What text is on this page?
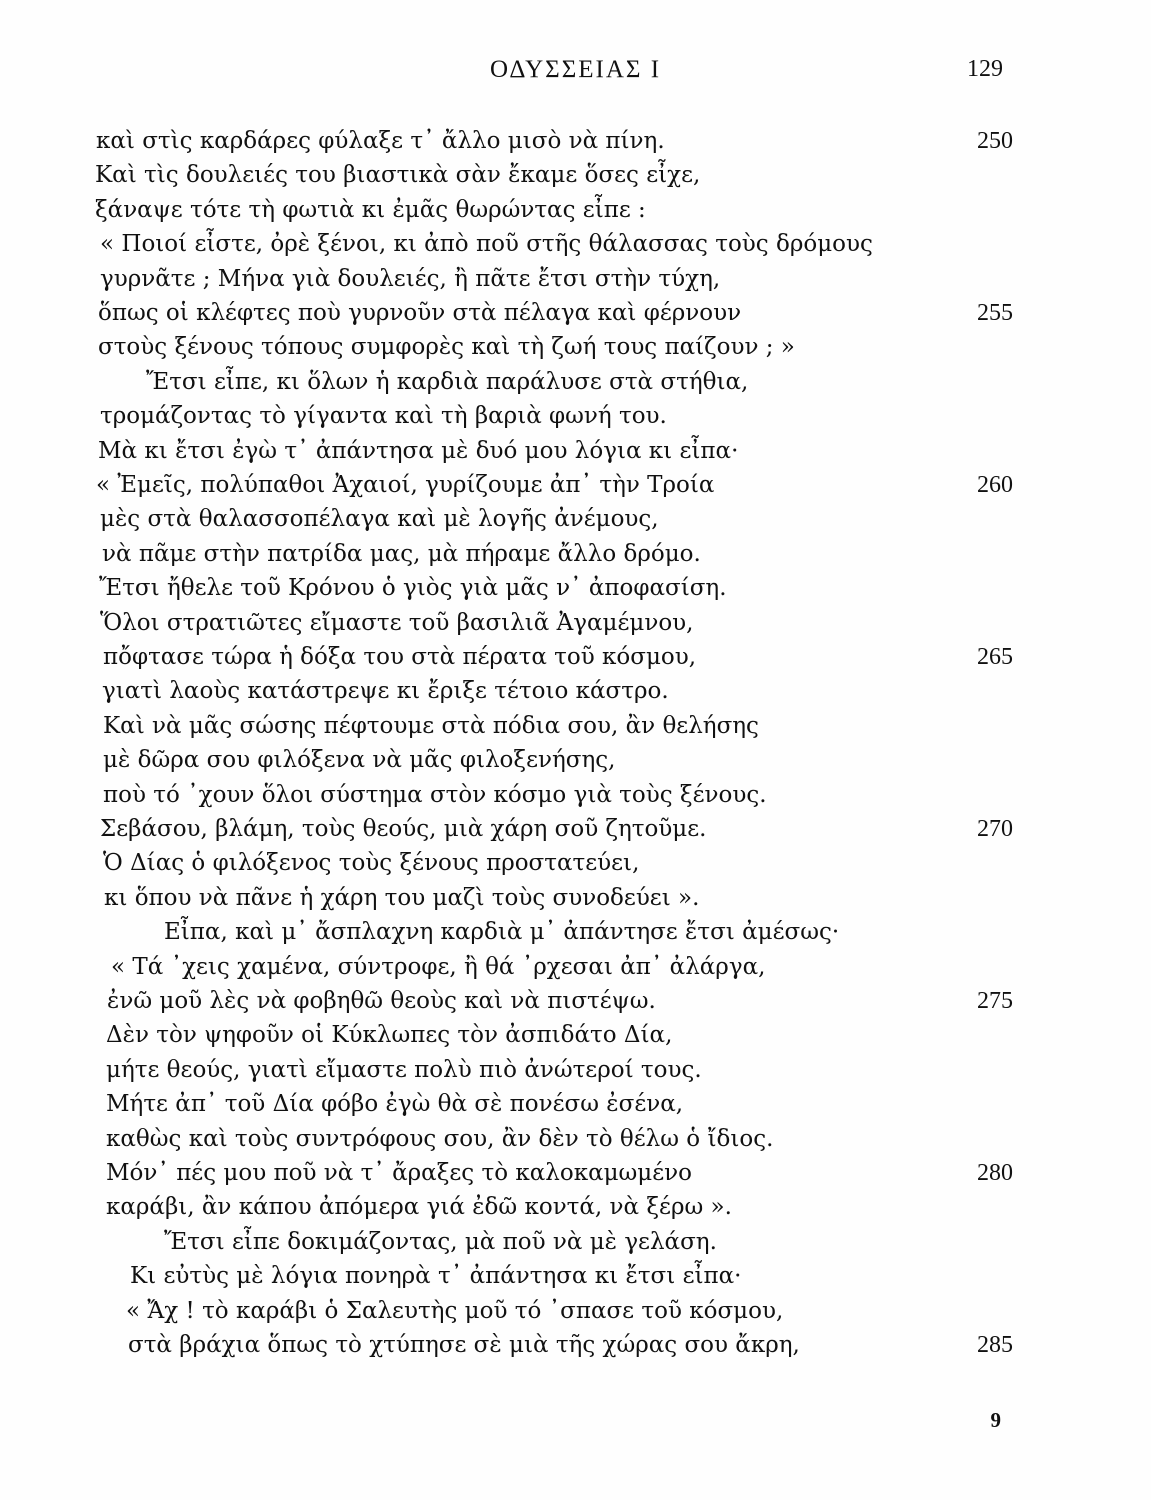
ΟΔΥΣΣΕΙΑΣ Ι	129
καὶ στὶς καρδάρες φύλαξε τ᾽ ἄλλο μισὸ νὰ πίνη.	250
Καὶ τὶς δουλειές του βιαστικὰ σὰν ἔκαμε ὅσες εἶχε,
ξάναψε τότε τὴ φωτιὰ κι ἐμᾶς θωρώντας εἶπε :
« Ποιοί εἶστε, ὀρὲ ξένοι, κι ἀπὸ ποῦ στῆς θάλασσας τοὺς δρόμους
γυρνᾶτε ; Μήνα γιὰ δουλειές, ἢ πᾶτε ἔτσι στὴν τύχη,
ὅπως οἱ κλέφτες ποὺ γυρνοῦν στὰ πέλαγα καὶ φέρνουν	255
στοὺς ξένους τόπους συμφορὲς καὶ τὴ ζωή τους παίζουν ; »
Ἔτσι εἶπε, κι ὅλων ἡ καρδιὰ παράλυσε στὰ στήθια,
τρομάζοντας τὸ γίγαντα καὶ τὴ βαριὰ φωνή του.
Μὰ κι ἔτσι ἐγὼ τ᾽ ἀπάντησα μὲ δυό μου λόγια κι εἶπα·
« Ἐμεῖς, πολύπαθοι Ἀχαιοί, γυρίζουμε ἀπ᾽ τὴν Τροία	260
μὲς στὰ θαλασσοπέλαγα καὶ μὲ λογῆς ἀνέμους,
νὰ πᾶμε στὴν πατρίδα μας, μὰ πήραμε ἄλλο δρόμο.
Ἔτσι ἤθελε τοῦ Κρόνου ὁ γιὸς γιὰ μᾶς ν᾽ ἀποφασίση.
Ὅλοι στρατιῶτες εἴμαστε τοῦ βασιλιᾶ Ἀγαμέμνου,
πὄφτασε τώρα ἡ δόξα του στὰ πέρατα τοῦ κόσμου,	265
γιατὶ λαοὺς κατάστρεψε κι ἔριξε τέτοιο κάστρο.
Καὶ νὰ μᾶς σώσης πέφτουμε στὰ πόδια σου, ἂν θελήσης
μὲ δῶρα σου φιλόξενα νὰ μᾶς φιλοξενήσης,
ποὺ τό ᾽χουν ὅλοι σύστημα στὸν κόσμο γιὰ τοὺς ξένους.
Σεβάσου, βλάμη, τοὺς θεούς, μιὰ χάρη σοῦ ζητοῦμε.	270
Ὁ Δίας ὁ φιλόξενος τοὺς ξένους προστατεύει,
κι ὅπου νὰ πᾶνε ἡ χάρη του μαζὶ τοὺς συνοδεύει ».
Εἶπα, καὶ μ᾽ ἄσπλαχνη καρδιὰ μ᾽ ἀπάντησε ἔτσι ἀμέσως·
« Τά ᾽χεις χαμένα, σύντροφε, ἢ θά ᾽ρχεσαι ἀπ᾽ ἀλάργα,
ἐνῶ μοῦ λὲς νὰ φοβηθῶ θεοὺς καὶ νὰ πιστέψω.	275
Δὲν τὸν ψηφοῦν οἱ Κύκλωπες τὸν ἀσπιδάτο Δία,
μήτε θεούς, γιατὶ εἴμαστε πολὺ πιὸ ἀνώτεροί τους.
Μήτε ἀπ᾽ τοῦ Δία φόβο ἐγὼ θὰ σὲ πονέσω ἐσένα,
καθὼς καὶ τοὺς συντρόφους σου, ἂν δὲν τὸ θέλω ὁ ἴδιος.
Μόν᾽ πές μου ποῦ νὰ τ᾽ ἄραξες τὸ καλοκαμωμένο	280
καράβι, ἂν κάπου ἀπόμερα γιά ἐδῶ κοντά, νὰ ξέρω ».
Ἔτσι εἶπε δοκιμάζοντας, μὰ ποῦ νὰ μὲ γελάση.
Κι εὐτὺς μὲ λόγια πονηρὰ τ᾽ ἀπάντησα κι ἔτσι εἶπα·
« Ἄχ ! τὸ καράβι ὁ Σαλευτὴς μοῦ τό ᾽σπασε τοῦ κόσμου,
στὰ βράχια ὅπως τὸ χτύπησε σὲ μιὰ τῆς χώρας σου ἄκρη,	285
9
